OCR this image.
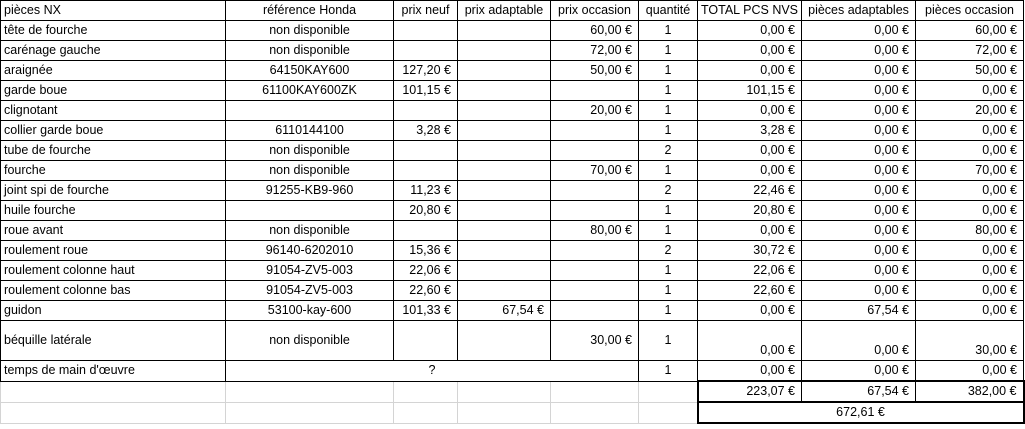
pièces NX	référence Honda	prix neuf	prix adaptable	prix occasion	quantité	TOTAL PCS NVS	pièces adaptables	pièces occasion
tête de fourche	non disponible			60,00 €	1	0,00 €	0,00 €	60,00 €
carénage gauche	non disponible			72,00 €	1	0,00 €	0,00 €	72,00 €
araignée	64150KAY600	127,20 €		50,00 €	1	0,00 €	0,00 €	50,00 €
garde boue	61100KAY600ZK	101,15 €			1	101,15 €	0,00 €	0,00 €
clignotant				20,00 €	1	0,00 €	0,00 €	20,00 €
collier garde boue	6110144100	3,28 €			1	3,28 €	0,00 €	0,00 €
tube de fourche	non disponible				2	0,00 €	0,00 €	0,00 €
fourche	non disponible			70,00 €	1	0,00 €	0,00 €	70,00 €
joint spi de fourche	91255-KB9-960	11,23 €			2	22,46 €	0,00 €	0,00 €
huile fourche		20,80 €			1	20,80 €	0,00 €	0,00 €
roue avant	non disponible			80,00 €	1	0,00 €	0,00 €	80,00 €
roulement roue	96140-6202010	15,36 €			2	30,72 €	0,00 €	0,00 €
roulement colonne haut	91054-ZV5-003	22,06 €			1	22,06 €	0,00 €	0,00 €
roulement colonne bas	91054-ZV5-003	22,60 €			1	22,60 €	0,00 €	0,00 €
guidon	53100-kay-600	101,33 €	67,54 €		1	0,00 €	67,54 €	0,00 €
béquille latérale	non disponible			30,00 €	1	0,00 €	0,00 €	30,00 €
temps de main d'œuvre	?				1	0,00 €	0,00 €	0,00 €
						223,07 €	67,54 €	382,00 €
						672,61 €		
